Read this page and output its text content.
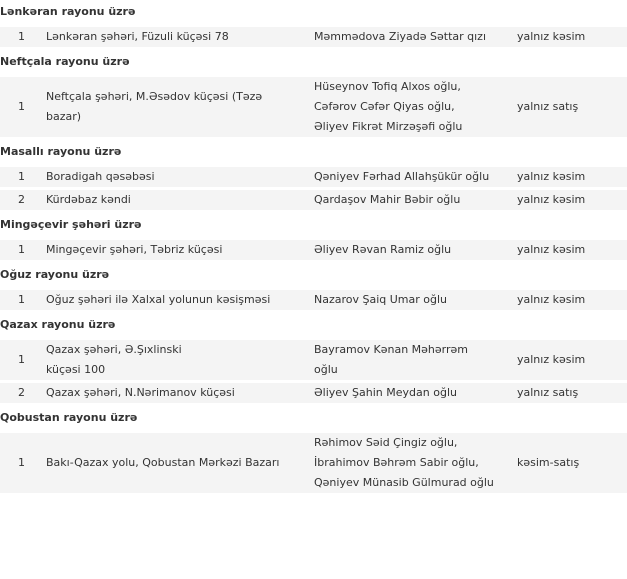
Lənkəran rayonu üzrə			
1	Lənkəran şəhəri, Füzuli küçəsi 78	Məmmədova Ziyadə Səttar qızı	yalnız kəsim
Neftçala rayonu üzrə			
1	Neftçala şəhəri, M.Əsədov küçəsi (Təzə
bazar)	Hüseynov Tofiq Alxos oğlu,
Cəfərov Cəfər Qiyas oğlu,
Əliyev Fikrət Mirzəşəfi oğlu	yalnız satış
Masallı rayonu üzrə			
1	Boradigah qəsəbəsi	Qəniyev Fərhad Allahşükür oğlu	yalnız kəsim
2	Kürdəbaz kəndi	Qardaşov Mahir Bəbir oğlu	yalnız kəsim
Mingəçevir şəhəri üzrə			
1	Mingəçevir şəhəri, Təbriz küçəsi	Əliyev Rəvan Ramiz oğlu	yalnız kəsim
Oğuz rayonu üzrə			
1	Oğuz şəhəri ilə Xalxal yolunun kəsişməsi	Nazarov Şaiq Umar oğlu	yalnız kəsim
Qazax rayonu üzrə			
1	Qazax şəhəri, Ə.Şıxlinski
küçəsi 100	Bayramov Kənan Məhərrəm
oğlu	yalnız kəsim
2	Qazax şəhəri, N.Nərimanov küçəsi	Əliyev Şahin Meydan oğlu	yalnız satış
Qobustan rayonu üzrə			
1	Bakı-Qazax yolu, Qobustan Mərkəzi Bazarı	Rəhimov Səid Çingiz oğlu,
İbrahimov Bəhrəm Sabir oğlu,
Qəniyev Münasib Gülmurad oğlu	kəsim-satış
